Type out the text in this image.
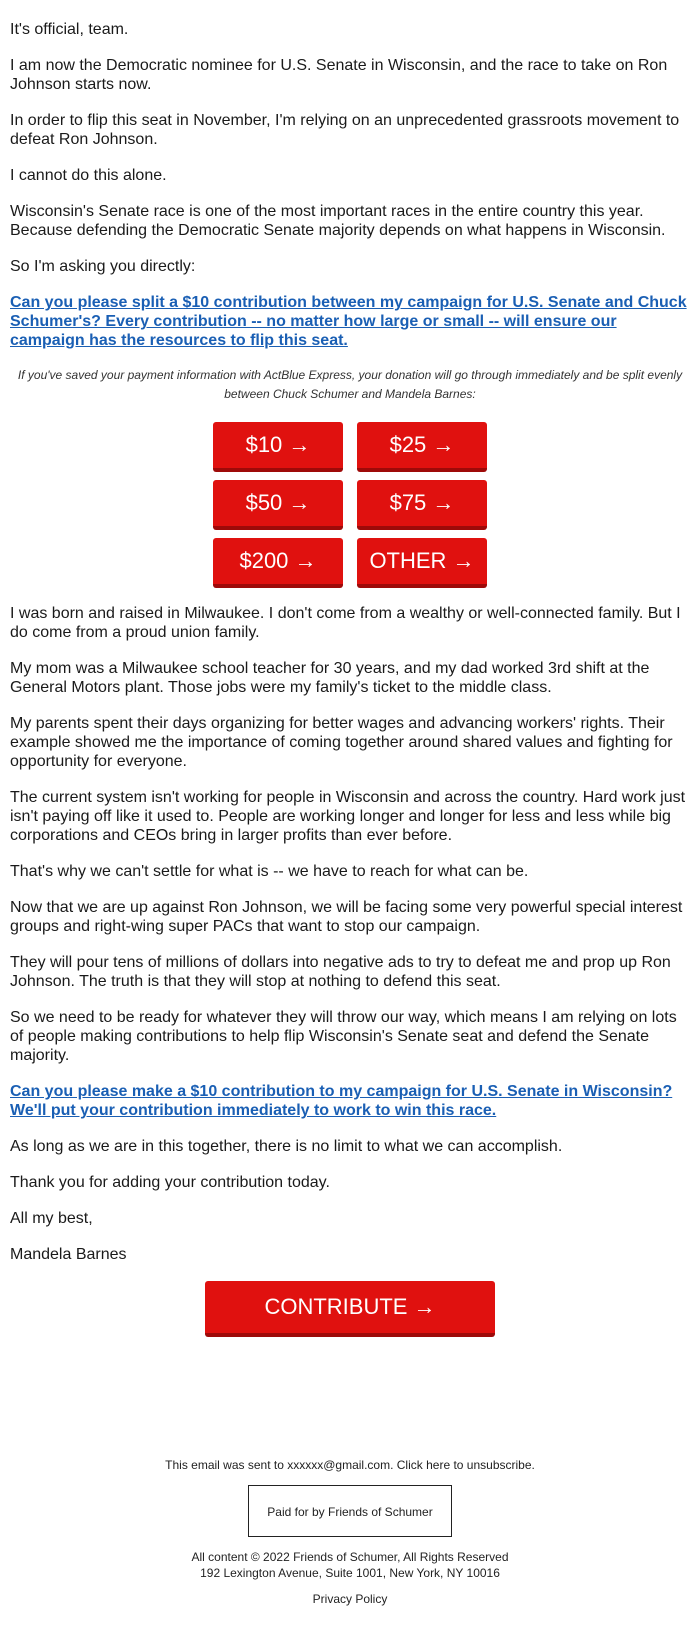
It's official, team.

I am now the Democratic nominee for U.S. Senate in Wisconsin, and the race to take on Ron Johnson starts now.

In order to flip this seat in November, I'm relying on an unprecedented grassroots movement to defeat Ron Johnson.

I cannot do this alone.

Wisconsin's Senate race is one of the most important races in the entire country this year. Because defending the Democratic Senate majority depends on what happens in Wisconsin.

So I'm asking you directly:

Can you please split a $10 contribution between my campaign for U.S. Senate and Chuck Schumer's? Every contribution -- no matter how large or small -- will ensure our campaign has the resources to flip this seat.

If you've saved your payment information with ActBlue Express, your donation will go through immediately and be split evenly between Chuck Schumer and Mandela Barnes:

$10 →	$25 →
$50 →	$75 →
$200 →	OTHER →

I was born and raised in Milwaukee. I don't come from a wealthy or well-connected family. But I do come from a proud union family.

My mom was a Milwaukee school teacher for 30 years, and my dad worked 3rd shift at the General Motors plant. Those jobs were my family's ticket to the middle class.

My parents spent their days organizing for better wages and advancing workers' rights. Their example showed me the importance of coming together around shared values and fighting for opportunity for everyone.

The current system isn't working for people in Wisconsin and across the country. Hard work just isn't paying off like it used to. People are working longer and longer for less and less while big corporations and CEOs bring in larger profits than ever before.

That's why we can't settle for what is -- we have to reach for what can be.

Now that we are up against Ron Johnson, we will be facing some very powerful special interest groups and right-wing super PACs that want to stop our campaign.

They will pour tens of millions of dollars into negative ads to try to defeat me and prop up Ron Johnson. The truth is that they will stop at nothing to defend this seat.

So we need to be ready for whatever they will throw our way, which means I am relying on lots of people making contributions to help flip Wisconsin's Senate seat and defend the Senate majority.

Can you please make a $10 contribution to my campaign for U.S. Senate in Wisconsin? We'll put your contribution immediately to work to win this race.

As long as we are in this together, there is no limit to what we can accomplish.

Thank you for adding your contribution today.

All my best,

Mandela Barnes

CONTRIBUTE →

This email was sent to xxxxxx@gmail.com. Click here to unsubscribe.

Paid for by Friends of Schumer

All content © 2022 Friends of Schumer, All Rights Reserved
192 Lexington Avenue, Suite 1001, New York, NY 10016

Privacy Policy
